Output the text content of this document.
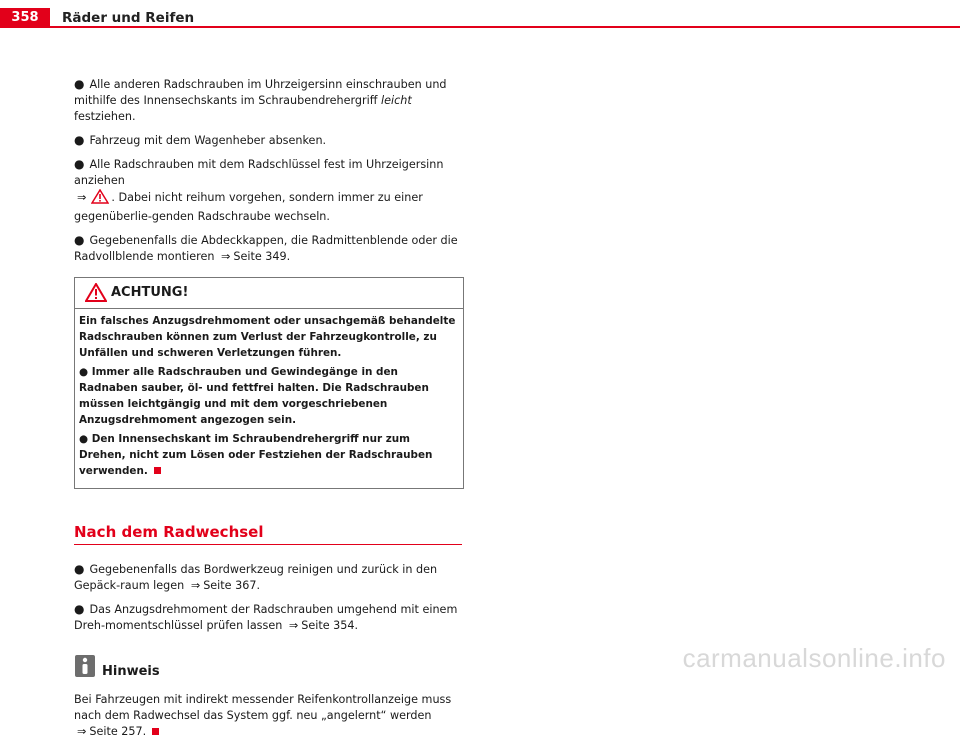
358	Räder und Reifen

● Alle anderen Radschrauben im Uhrzeigersinn einschrauben und mithilfe des Innensechskants im Schraubendrehergriff leicht festziehen.

● Fahrzeug mit dem Wagenheber absenken.

● Alle Radschrauben mit dem Radschlüssel fest im Uhrzeigersinn anziehen
⇒ . Dabei nicht reihum vorgehen, sondern immer zu einer gegenüberlie-genden Radschraube wechseln.

● Gegebenenfalls die Abdeckkappen, die Radmittenblende oder die Radvollblende montieren ⇒ Seite 349.

ACHTUNG!

Ein falsches Anzugsdrehmoment oder unsachgemäß behandelte Radschrauben können zum Verlust der Fahrzeugkontrolle, zu Unfällen und schweren Verletzungen führen.

● Immer alle Radschrauben und Gewindegänge in den Radnaben sauber, öl- und fettfrei halten. Die Radschrauben müssen leichtgängig und mit dem vorgeschriebenen Anzugsdrehmoment angezogen sein.

● Den Innensechskant im Schraubendrehergriff nur zum Drehen, nicht zum Lösen oder Festziehen der Radschrauben verwenden.

Nach dem Radwechsel

● Gegebenenfalls das Bordwerkzeug reinigen und zurück in den Gepäck-raum legen ⇒ Seite 367.

● Das Anzugsdrehmoment der Radschrauben umgehend mit einem Dreh-momentschlüssel prüfen lassen ⇒ Seite 354.

Hinweis

Bei Fahrzeugen mit indirekt messender Reifenkontrollanzeige muss nach dem Radwechsel das System ggf. neu „angelernt“ werden ⇒ Seite 257.

carmanualsonline.info
